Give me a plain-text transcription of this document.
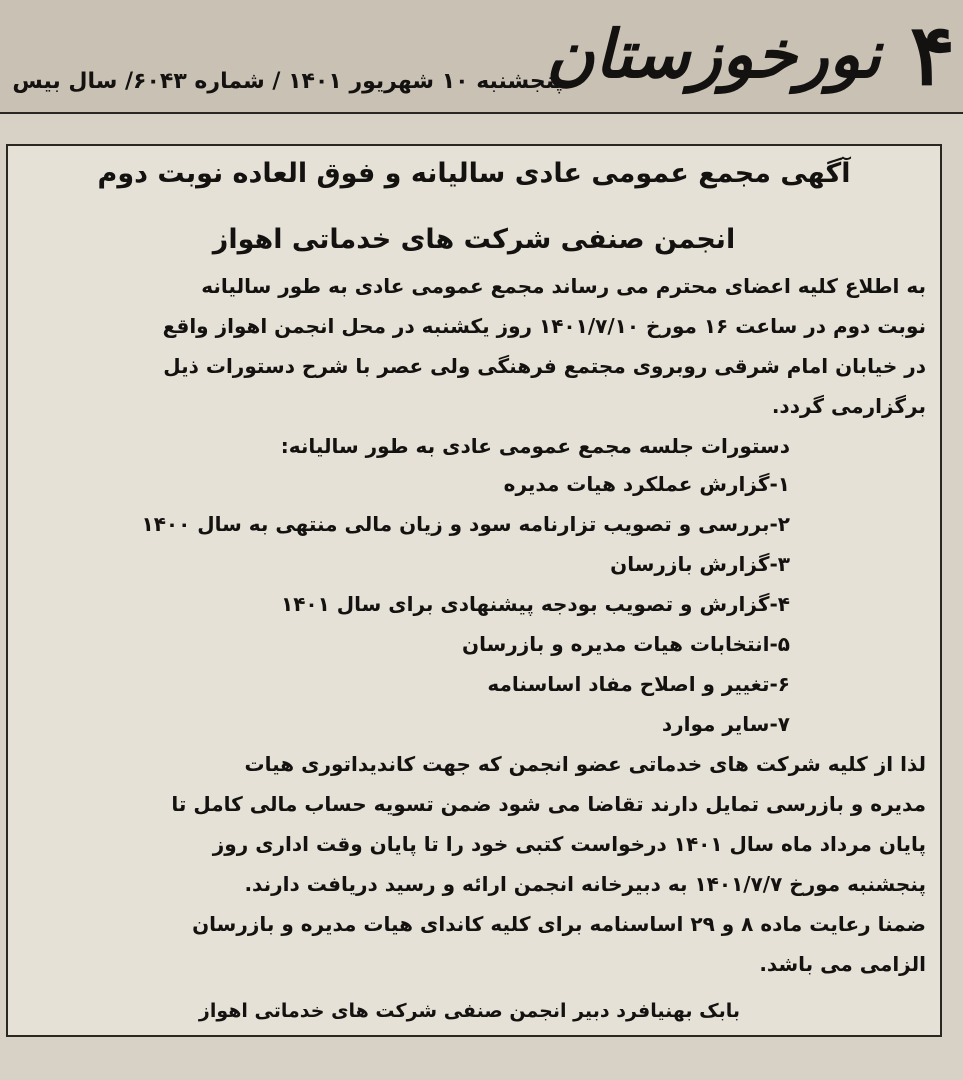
۴
نورخوزستان
پنجشنبه ۱۰ شهریور ۱۴۰۱ / شماره ۶۰۴۳/ سال بیس
آگهی مجمع عمومی عادی سالیانه و فوق العاده نوبت دوم
انجمن صنفی شرکت های خدماتی اهواز
به اطلاع کلیه اعضای محترم می رساند مجمع عمومی عادی به طور سالیانه
نوبت دوم در ساعت ۱۶ مورخ ۱۴۰۱/۷/۱۰ روز یکشنبه در محل انجمن اهواز واقع
در خیابان امام شرقی روبروی مجتمع فرهنگی ولی عصر با شرح دستورات ذیل
برگزارمی گردد.
دستورات جلسه مجمع عمومی عادی به طور سالیانه:
۱-گزارش عملکرد هیات مدیره
۲-بررسی و تصویب تزارنامه سود و زیان مالی منتهی به سال ۱۴۰۰
۳-گزارش بازرسان
۴-گزارش و تصویب بودجه پیشنهادی برای سال ۱۴۰۱
۵-انتخابات هیات مدیره و بازرسان
۶-تغییر و اصلاح مفاد اساسنامه
۷-سایر موارد
لذا از کلیه شرکت های خدماتی عضو انجمن که جهت کاندیداتوری هیات
مدیره و بازرسی تمایل دارند تقاضا می شود ضمن تسویه حساب مالی کامل تا
پایان مرداد ماه سال ۱۴۰۱ درخواست کتبی خود را تا پایان وقت اداری روز
پنجشنبه مورخ ۱۴۰۱/۷/۷ به دبیرخانه انجمن ارائه و رسید دریافت دارند.
ضمنا رعایت ماده ۸ و ۲۹ اساسنامه برای کلیه کاندای هیات مدیره و بازرسان
الزامی می باشد.
بابک بهنیافرد دبیر انجمن صنفی شرکت های خدماتی اهواز
